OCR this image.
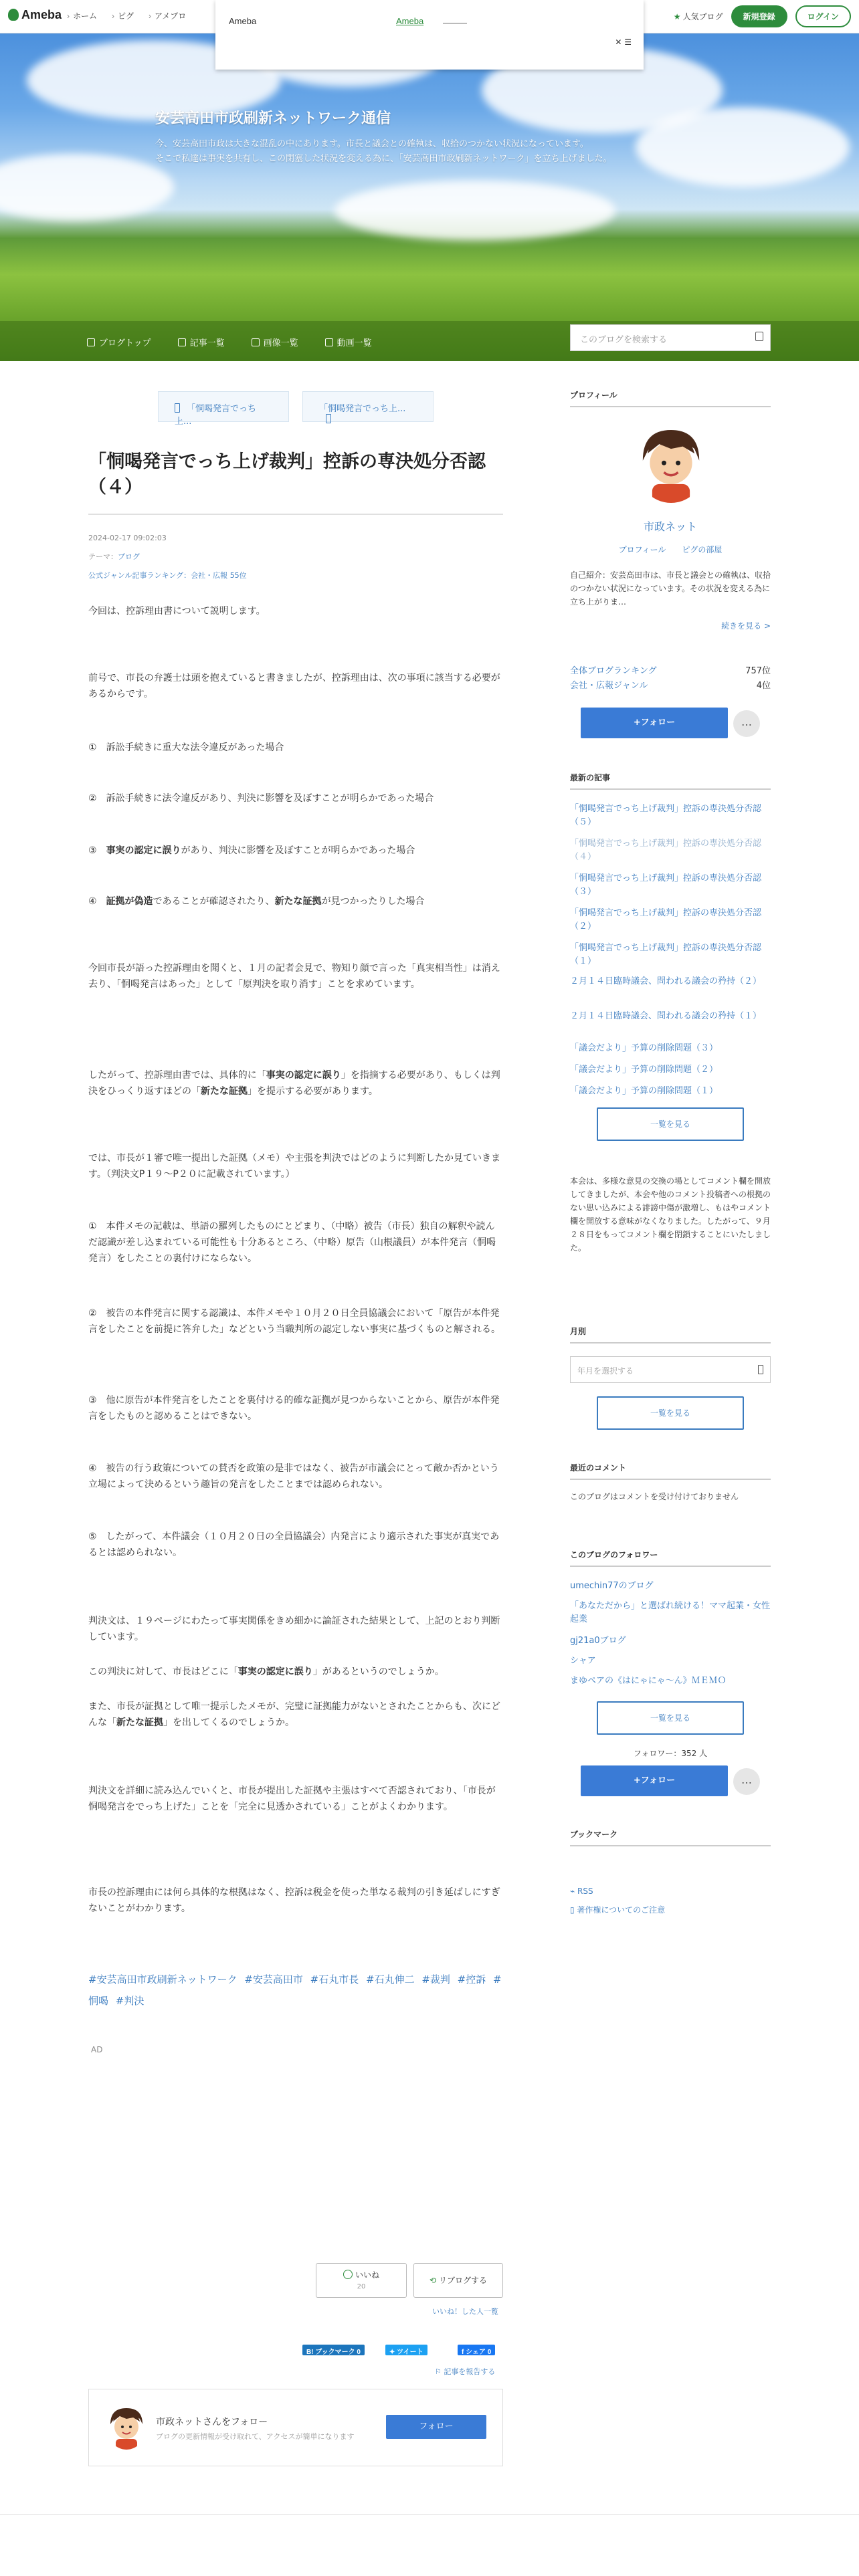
安芸高田市政刷新ネットワーク通信
今、安芸高田市政は大きな混乱の中にあります。市長と議会との確執は、収拾のつかない状況になっています。
そこで私達は事実を共有し、この閉塞した状況を変える為に、「安芸高田市政刷新ネットワーク」を立ち上げました。
ブログトップ	記事一覧	画像一覧	動画一覧	このブログを検索する
Ameba	› ホーム	› ピグ	› アメブロ	Ameba	Ameba
✕ ☰
★ 人気ブログ	新規登録	ログイン
「恫喝発言でっち上...
「恫喝発言でっち上...
「恫喝発言でっち上げ裁判」控訴の専決処分否認（４）
2024-02-17 09:02:03
テーマ：ブログ
公式ジャンル記事ランキング：会社・広報 55位
今回は、控訴理由書について説明します。
前号で、市長の弁護士は頭を抱えていると書きましたが、控訴理由は、次の事項に該当する必要があるからです。
①　訴訟手続きに重大な法令違反があった場合
②　訴訟手続きに法令違反があり、判決に影響を及ぼすことが明らかであった場合
③　事実の認定に誤りがあり、判決に影響を及ぼすことが明らかであった場合
④　証拠が偽造であることが確認されたり、新たな証拠が見つかったりした場合
今回市長が語った控訴理由を聞くと、１月の記者会見で、物知り顔で言った「真実相当性」は消え去り、「恫喝発言はあった」として「原判決を取り消す」ことを求めています。
したがって、控訴理由書では、具体的に「事実の認定に誤り」を指摘する必要があり、もしくは判決をひっくり返すほどの「新たな証拠」を提示する必要があります。
では、市長が１審で唯一提出した証拠（メモ）や主張を判決ではどのように判断したか見ていきます。（判決文P１９〜P２０に記載されています。）
①　本件メモの記載は、単語の羅列したものにとどまり、（中略）被告（市長）独自の解釈や読んだ認識が差し込まれている可能性も十分あるところ、（中略）原告（山根議員）が本件発言（恫喝発言）をしたことの裏付けにならない。
②　被告の本件発言に関する認識は、本件メモや１０月２０日全員協議会において「原告が本件発言をしたことを前提に答弁した」などという当職判所の認定しない事実に基づくものと解される。
③　他に原告が本件発言をしたことを裏付ける的確な証拠が見つからないことから、原告が本件発言をしたものと認めることはできない。
④　被告の行う政策についての賛否を政策の是非ではなく、被告が市議会にとって敵か否かという立場によって決めるという趣旨の発言をしたことまでは認められない。
⑤　したがって、本件議会（１０月２０日の全員協議会）内発言により適示された事実が真実であるとは認められない。
判決文は、１９ページにわたって事実関係をきめ細かに論証された結果として、上記のとおり判断しています。
この判決に対して、市長はどこに「事実の認定に誤り」があるというのでしょうか。
また、市長が証拠として唯一提示したメモが、完璧に証拠能力がないとされたことからも、次にどんな「新たな証拠」を出してくるのでしょうか。
判決文を詳細に読み込んでいくと、市長が提出した証拠や主張はすべて否認されており、「市長が恫喝発言をでっち上げた」ことを「完全に見透かされている」ことがよくわかります。
市長の控訴理由には何ら具体的な根拠はなく、控訴は税金を使った単なる裁判の引き延ばしにすぎないことがわかります。
#安芸高田市政刷新ネットワーク #安芸高田市 #石丸市長 #石丸伸二 #裁判 #控訴 #恫喝 #判決
AD
いいね
20
⟲ リブログする
いいね！した人一覧
B! ブックマーク 0	✦ ツイート	f シェア 0
⚐ 記事を報告する
市政ネットさんをフォロー
ブログの更新情報が受け取れて、アクセスが簡単になります
フォロー
プロフィール
市政ネット
プロフィール　　 ピグの部屋
自己紹介：安芸高田市は、市長と議会との確執は、収拾のつかない状況になっています。その状況を変える為に立ち上がりま…
続きを見る >
全体ブログランキング	757位
会社・広報ジャンル	4位
+フォロー	…
最新の記事
「恫喝発言でっち上げ裁判」控訴の専決処分否認（５）
「恫喝発言でっち上げ裁判」控訴の専決処分否認（４）
「恫喝発言でっち上げ裁判」控訴の専決処分否認（３）
「恫喝発言でっち上げ裁判」控訴の専決処分否認（２）
「恫喝発言でっち上げ裁判」控訴の専決処分否認（１）
２月１４日臨時議会、問われる議会の矜持（２）
２月１４日臨時議会、問われる議会の矜持（１）
「議会だより」予算の削除問題（３）
「議会だより」予算の削除問題（２）
「議会だより」予算の削除問題（１）
一覧を見る
本会は、多様な意見の交換の場としてコメント欄を開放してきましたが、本会や他のコメント投稿者への根拠のない思い込みによる誹謗中傷が激増し、もはやコメント欄を開放する意味がなくなりました。したがって、９月２８日をもってコメント欄を閉鎖することにいたしました。
月別
年月を選択する
一覧を見る
最近のコメント
このブログはコメントを受け付けておりません
このブログのフォロワー
umechin77のブログ
「あなただから」と選ばれ続ける！ママ起業・女性起業
gj21a0ブログ
シャア
まゆペアの《はにゃにゃ〜ん》ＭＥＭＯ
一覧を見る
フォロワー：352 人
+フォロー	…
ブックマーク
⌁ RSS
▯ 著作権についてのご注意
